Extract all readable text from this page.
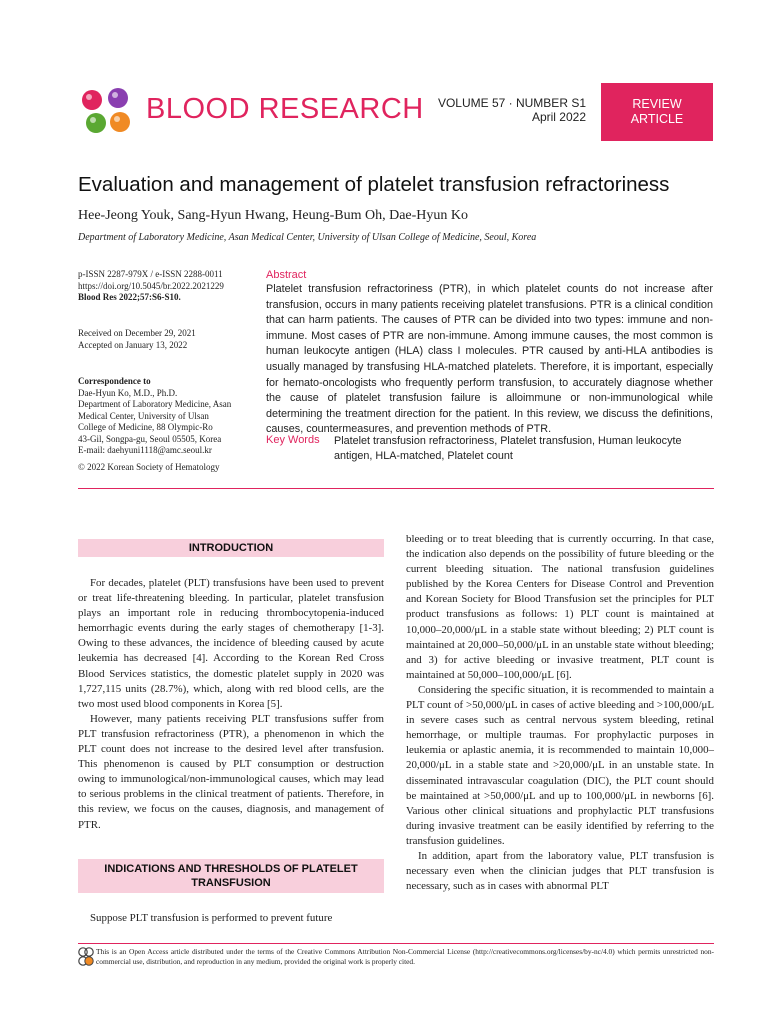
BLOOD RESEARCH	VOLUME 57 · NUMBER S1
April 2022
REVIEW
ARTICLE
Evaluation and management of platelet transfusion refractoriness
Hee-Jeong Youk, Sang-Hyun Hwang, Heung-Bum Oh, Dae-Hyun Ko
Department of Laboratory Medicine, Asan Medical Center, University of Ulsan College of Medicine, Seoul, Korea
p-ISSN 2287-979X / e-ISSN 2288-0011
https://doi.org/10.5045/br.2022.2021229
Blood Res 2022;57:S6-S10.
Received on December 29, 2021
Accepted on January 13, 2022
Correspondence to
Dae-Hyun Ko, M.D., Ph.D.
Department of Laboratory Medicine, Asan
Medical Center, University of Ulsan
College of Medicine, 88 Olympic-Ro
43-Gil, Songpa-gu, Seoul 05505, Korea
E-mail: daehyuni1118@amc.seoul.kr
© 2022 Korean Society of Hematology
Abstract
Platelet transfusion refractoriness (PTR), in which platelet counts do not increase after transfusion, occurs in many patients receiving platelet transfusions. PTR is a clinical condition that can harm patients. The causes of PTR can be divided into two types: immune and non-immune. Most cases of PTR are non-immune. Among immune causes, the most common is human leukocyte antigen (HLA) class I molecules. PTR caused by anti-HLA antibodies is usually managed by transfusing HLA-matched platelets. Therefore, it is important, especially for hemato-oncologists who frequently perform transfusion, to accurately diagnose whether the cause of platelet transfusion failure is alloimmune or non-immunological while determining the treatment direction for the patient. In this review, we discuss the definitions, causes, countermeasures, and prevention methods of PTR.
Key Words Platelet transfusion refractoriness, Platelet transfusion, Human leukocyte antigen, HLA-matched, Platelet count
INTRODUCTION

For decades, platelet (PLT) transfusions have been used to prevent or treat life-threatening bleeding. In particular, platelet transfusion plays an important role in reducing thrombocytopenia-induced hemorrhagic events during the early stages of chemotherapy [1-3]. Owing to these advances, the incidence of bleeding caused by acute leukemia has decreased [4]. According to the Korean Red Cross Blood Services statistics, the domestic platelet supply in 2020 was 1,727,115 units (28.7%), which, along with red blood cells, are the two most used blood components in Korea [5].

However, many patients receiving PLT transfusions suffer from PLT transfusion refractoriness (PTR), a phenomenon in which the PLT count does not increase to the desired level after transfusion. This phenomenon is caused by PLT consumption or destruction owing to immunological/non-immunological causes, which may lead to serious problems in the clinical treatment of patients. Therefore, in this review, we focus on the causes, diagnosis, and management of PTR.

INDICATIONS AND THRESHOLDS OF PLATELET TRANSFUSION

Suppose PLT transfusion is performed to prevent future

bleeding or to treat bleeding that is currently occurring. In that case, the indication also depends on the possibility of future bleeding or the current bleeding situation. The national transfusion guidelines published by the Korea Centers for Disease Control and Prevention and Korean Society for Blood Transfusion set the principles for PLT product transfusions as follows: 1) PLT count is maintained at 10,000–20,000/μL in a stable state without bleeding; 2) PLT count is maintained at 20,000–50,000/μL in an unstable state without bleeding; and 3) for active bleeding or invasive treatment, PLT count is maintained at 50,000–100,000/μL [6].

Considering the specific situation, it is recommended to maintain a PLT count of >50,000/μL in cases of active bleeding and >100,000/μL in severe cases such as central nervous system bleeding, retinal hemorrhage, or multiple traumas. For prophylactic purposes in leukemia or aplastic anemia, it is recommended to maintain 10,000–20,000/μL in a stable state and >20,000/μL in an unstable state. In disseminated intravascular coagulation (DIC), the PLT count should be maintained at >50,000/μL and up to 100,000/μL in newborns [6]. Various other clinical situations and prophylactic PLT transfusions during invasive treatment can be easily identified by referring to the transfusion guidelines.

In addition, apart from the laboratory value, PLT transfusion is necessary even when the clinician judges that PLT transfusion is necessary, such as in cases with abnormal PLT

This is an Open Access article distributed under the terms of the Creative Commons Attribution Non-Commercial License (http://creativecommons.org/licenses/by-nc/4.0) which permits unrestricted non-commercial use, distribution, and reproduction in any medium, provided the original work is properly cited.
